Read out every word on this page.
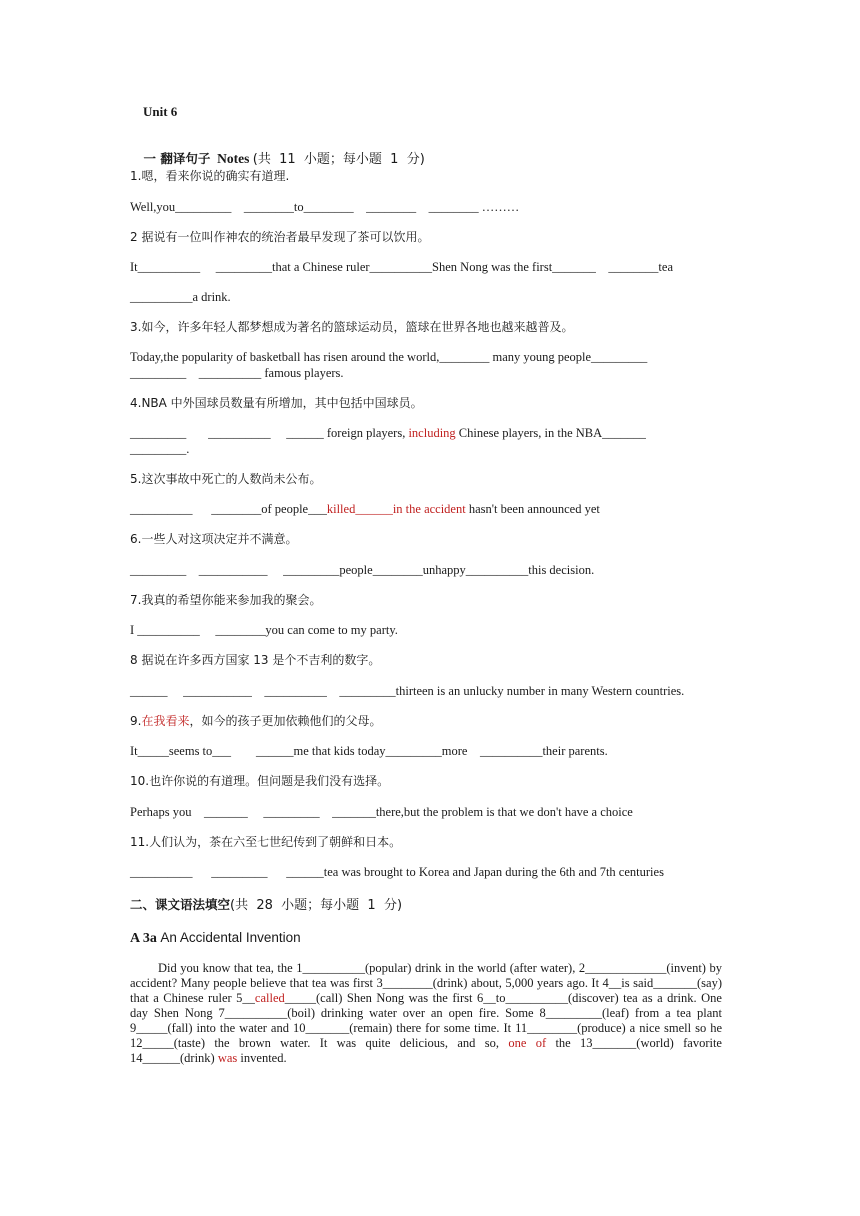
Unit 6

一 翻译句子 Notes (共  11  小题；每小题  1  分)

1.嗯，看来你说的确实有道理.
Well,you_________    ________to________    ________    ________ ………
2 据说有一位叫作神农的统治者最早发现了茶可以饮用。
It__________     _________that a Chinese ruler__________Shen Nong was the first_______    ________tea
__________a drink.
3.如今，许多年轻人都梦想成为著名的篮球运动员，篮球在世界各地也越来越普及。
Today,the popularity of basketball has risen around the world,________ many young people_________
_________    __________ famous players.
4.NBA 中外国球员数量有所增加，其中包括中国球员。
_________       __________     ______ foreign players, including Chinese players, in the NBA_______
_________.
5.这次事故中死亡的人数尚未公布。
__________      ________of people___killed______in the accident hasn't been announced yet
6.一些人对这项决定并不满意。
_________    ___________     _________people________unhappy__________this decision.
7.我真的希望你能来参加我的聚会。
I __________     ________you can come to my party.
8 据说在许多西方国家 13 是个不吉利的数字。
______     ___________    __________    _________thirteen is an unlucky number in many Western countries.
9.在我看来，如今的孩子更加依赖他们的父母。
It_____seems to___        ______me that kids today_________more    __________their parents.
10.也许你说的有道理。但问题是我们没有选择。
Perhaps you    _______     _________    _______there,but the problem is that we don't have a choice
11.人们认为，茶在六至七世纪传到了朝鲜和日本。
__________      _________      ______tea was brought to Korea and Japan during the 6th and 7th centuries
二、课文语法填空(共  28  小题；每小题  1  分)
A 3a An Accidental Invention
Did you know that tea, the 1__________(popular) drink in the world (after water), 2_____________(invent) by accident? Many people believe that tea was first 3________(drink) about, 5,000 years ago. It 4__is said_______(say) that a Chinese ruler 5__called_____(call) Shen Nong was the first 6__to__________(discover) tea as a drink. One day Shen Nong 7__________(boil) drinking water over an open fire. Some 8_________(leaf) from a tea plant 9_____(fall) into the water and 10_______(remain) there for some time. It 11________(produce) a nice smell so he 12_____(taste) the brown water. It was quite delicious, and so, one of the 13_______(world) favorite 14______(drink) was invented.
